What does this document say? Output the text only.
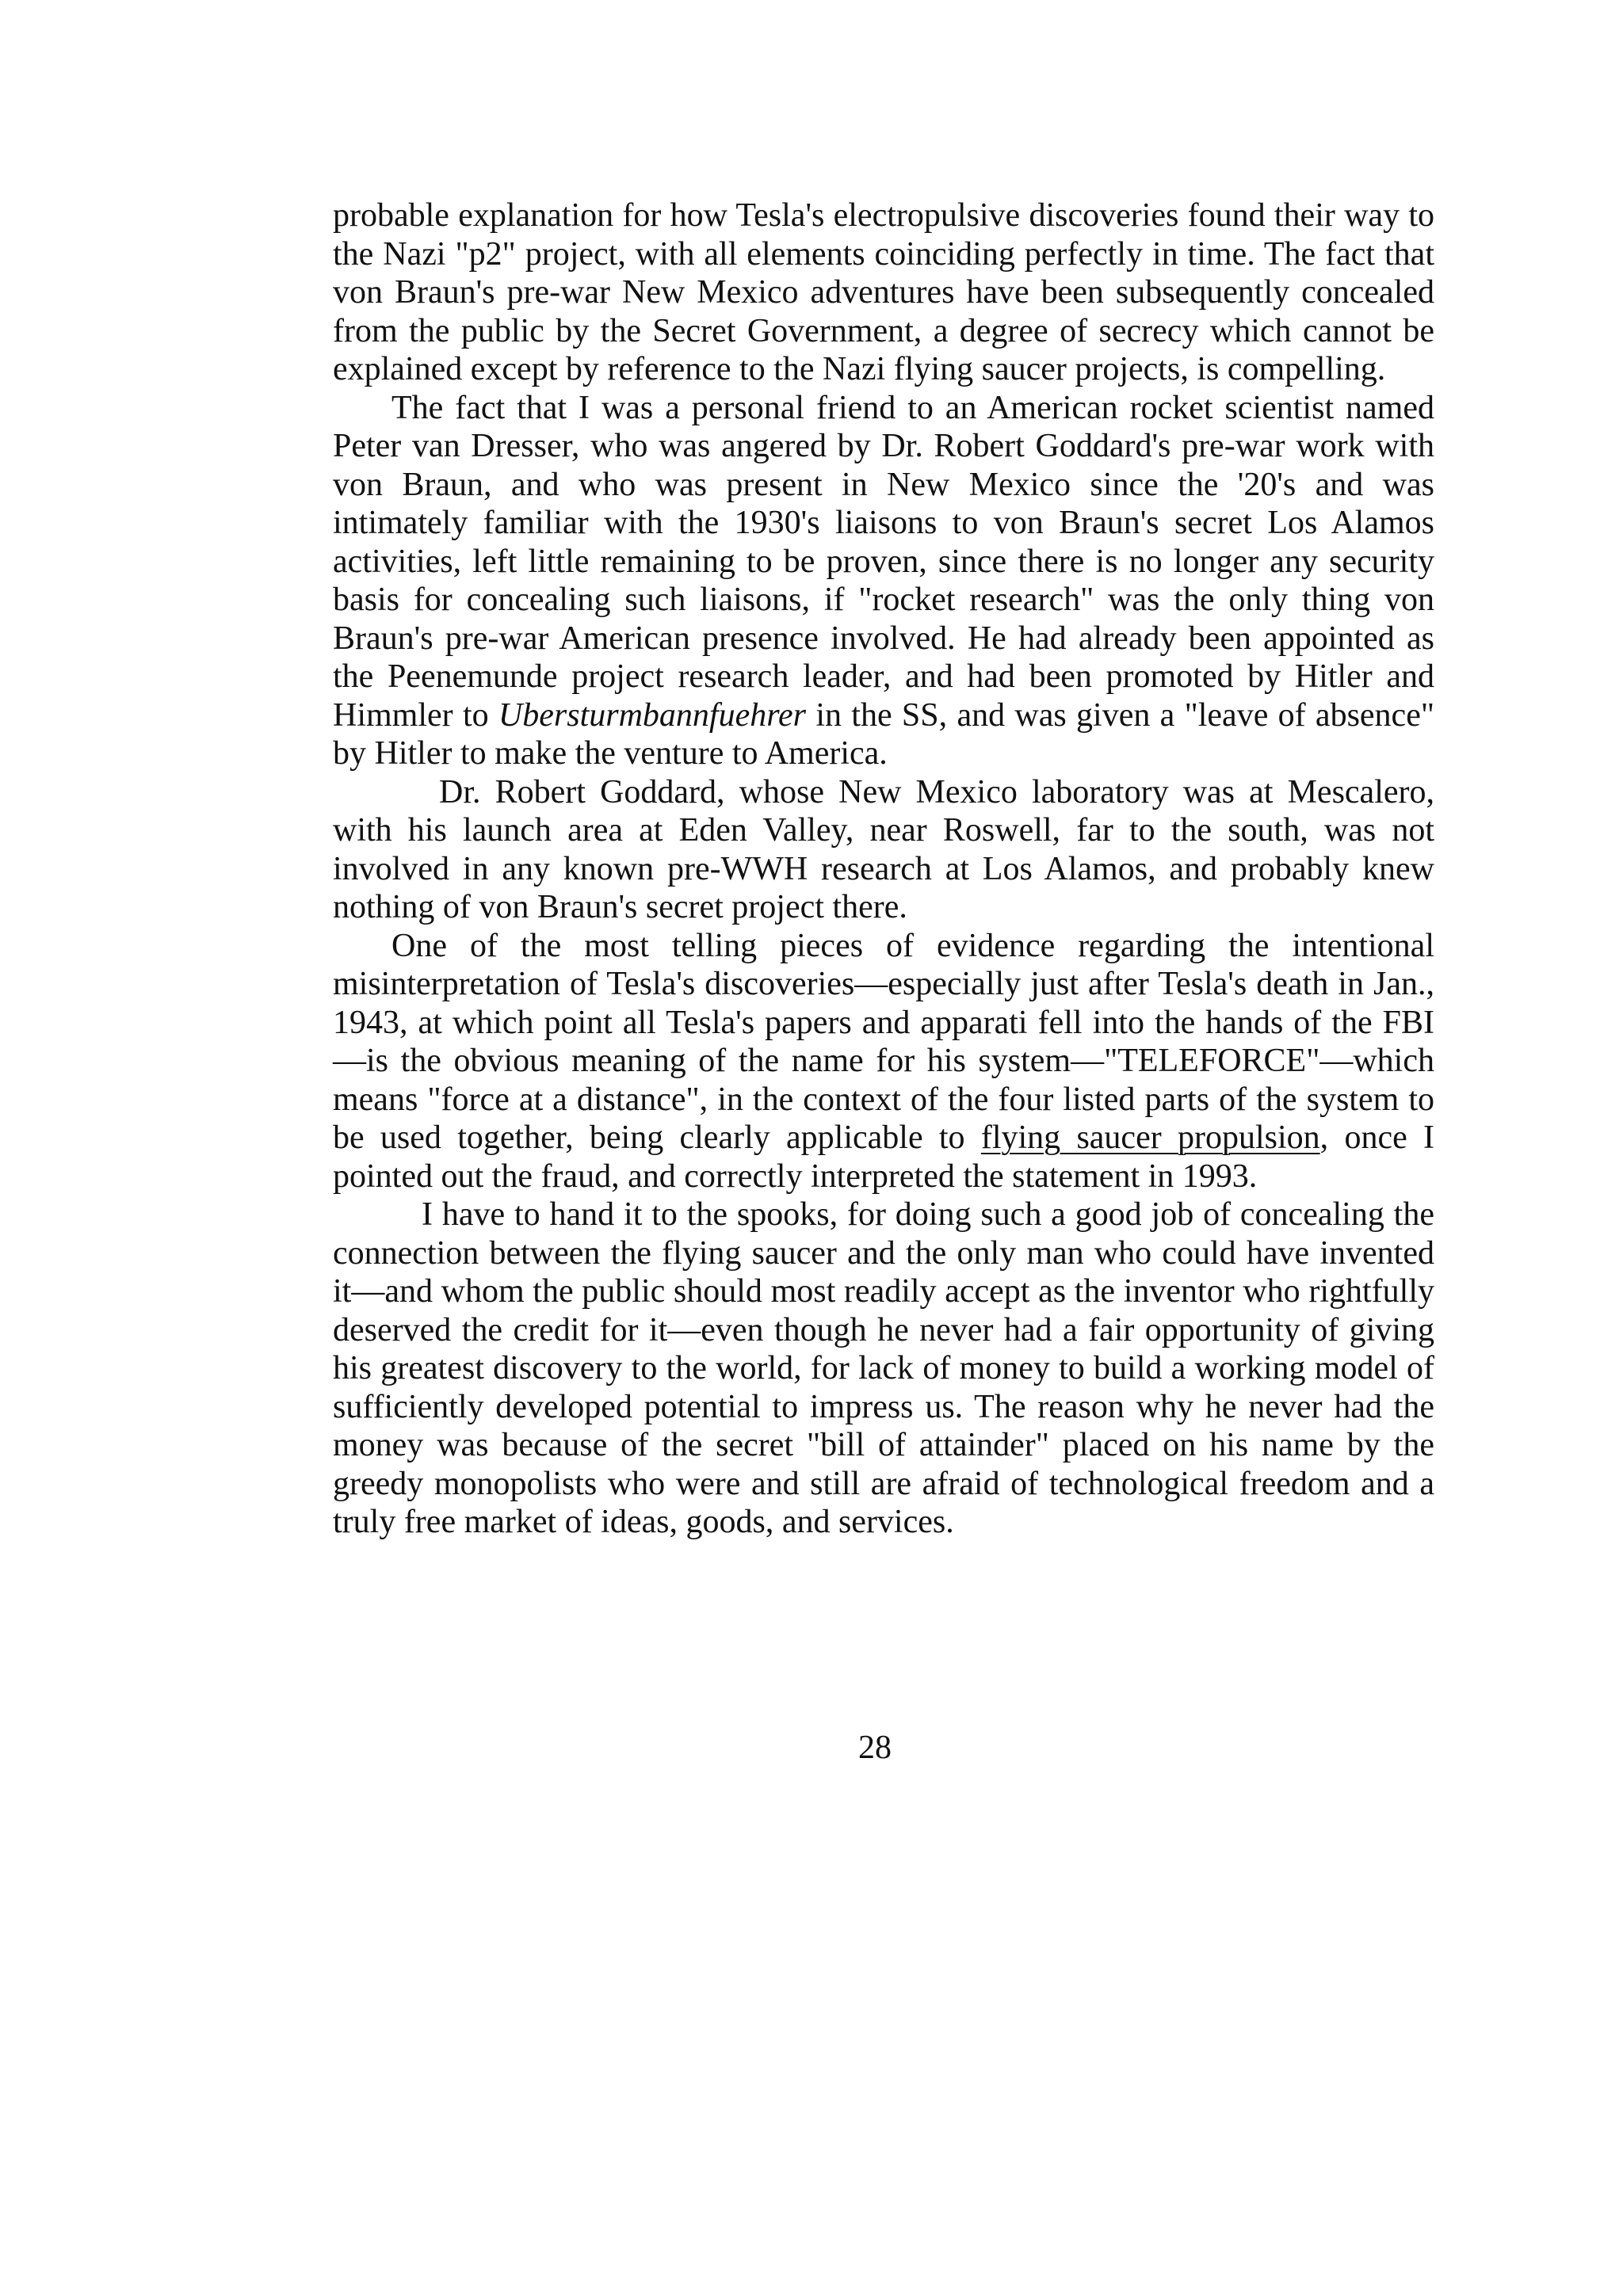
probable explanation for how Tesla's electropulsive discoveries found their way to the Nazi "p2" project, with all elements coinciding perfectly in time. The fact that von Braun's pre-war New Mexico adventures have been subsequently concealed from the public by the Secret Government, a degree of secrecy which cannot be explained except by reference to the Nazi flying saucer projects, is compelling.

The fact that I was a personal friend to an American rocket scientist named Peter van Dresser, who was angered by Dr. Robert Goddard's pre-war work with von Braun, and who was present in New Mexico since the '20's and was intimately familiar with the 1930's liaisons to von Braun's secret Los Alamos activities, left little remaining to be proven, since there is no longer any security basis for concealing such liaisons, if "rocket research" was the only thing von Braun's pre-war American presence involved. He had already been appointed as the Peenemunde project research leader, and had been promoted by Hitler and Himmler to Ubersturmbannfuehrer in the SS, and was given a "leave of absence" by Hitler to make the venture to America.

Dr. Robert Goddard, whose New Mexico laboratory was at Mescalero, with his launch area at Eden Valley, near Roswell, far to the south, was not involved in any known pre-WWH research at Los Alamos, and probably knew nothing of von Braun's secret project there.

One of the most telling pieces of evidence regarding the intentional misinterpretation of Tesla's discoveries—especially just after Tesla's death in Jan., 1943, at which point all Tesla's papers and apparati fell into the hands of the FBI—is the obvious meaning of the name for his system—"TELEFORCE"—which means "force at a distance", in the context of the four listed parts of the system to be used together, being clearly applicable to flying saucer propulsion, once I pointed out the fraud, and correctly interpreted the statement in 1993.

I have to hand it to the spooks, for doing such a good job of concealing the connection between the flying saucer and the only man who could have invented it—and whom the public should most readily accept as the inventor who rightfully deserved the credit for it—even though he never had a fair opportunity of giving his greatest discovery to the world, for lack of money to build a working model of sufficiently developed potential to impress us. The reason why he never had the money was because of the secret "bill of attainder" placed on his name by the greedy monopolists who were and still are afraid of technological freedom and a truly free market of ideas, goods, and services.

28
